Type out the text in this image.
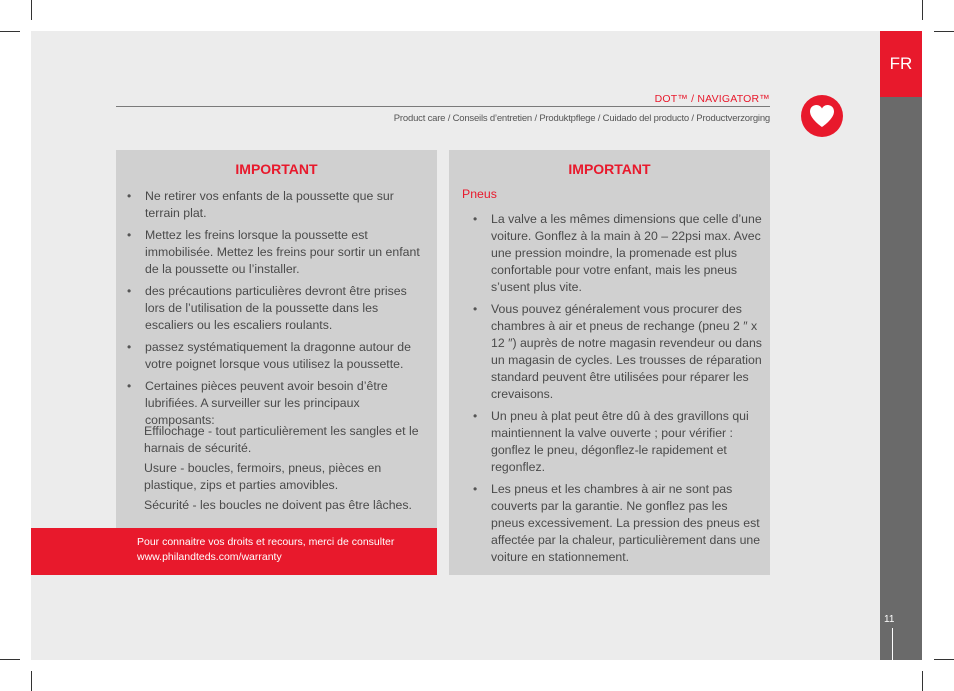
FR
11
DOT™ / NAVIGATOR™
Product care / Conseils d’entretien / Produktpflege / Cuidado del producto / Productverzorging
IMPORTANT
• Ne retirer vos enfants de la poussette que sur terrain plat.
• Mettez les freins lorsque la poussette est immobilisée. Mettez les freins pour sortir un enfant de la poussette ou l’installer.
• des précautions particulières devront être prises lors de l’utilisation de la poussette dans les escaliers ou les escaliers roulants.
• passez systématiquement la dragonne autour de votre poignet lorsque vous utilisez la poussette.
• Certaines pièces peuvent avoir besoin d’être lubrifiées. A surveiller sur les principaux composants:
Effilochage - tout particulièrement les sangles et le harnais de sécurité.
Usure - boucles, fermoirs, pneus, pièces en plastique, zips et parties amovibles.
Sécurité - les boucles ne doivent pas être lâches.
Pour connaitre vos droits et recours, merci de consulter
www.philandteds.com/warranty
IMPORTANT
Pneus
• La valve a les mêmes dimensions que celle d’une voiture. Gonflez à la main à 20 – 22psi max. Avec une pression moindre, la promenade est plus confortable pour votre enfant, mais les pneus s’usent plus vite.
• Vous pouvez généralement vous procurer des chambres à air et pneus de rechange (pneu 2 ″ x 12 ″) auprès de notre magasin revendeur ou dans un magasin de cycles. Les trousses de réparation standard peuvent être utilisées pour réparer les crevaisons.
• Un pneu à plat peut être dû à des gravillons qui maintiennent la valve ouverte ; pour vérifier : gonflez le pneu, dégonflez-le rapidement et regonflez.
• Les pneus et les chambres à air ne sont pas couverts par la garantie. Ne gonflez pas les pneus excessivement. La pression des pneus est affectée par la chaleur, particulièrement dans une voiture en stationnement.
